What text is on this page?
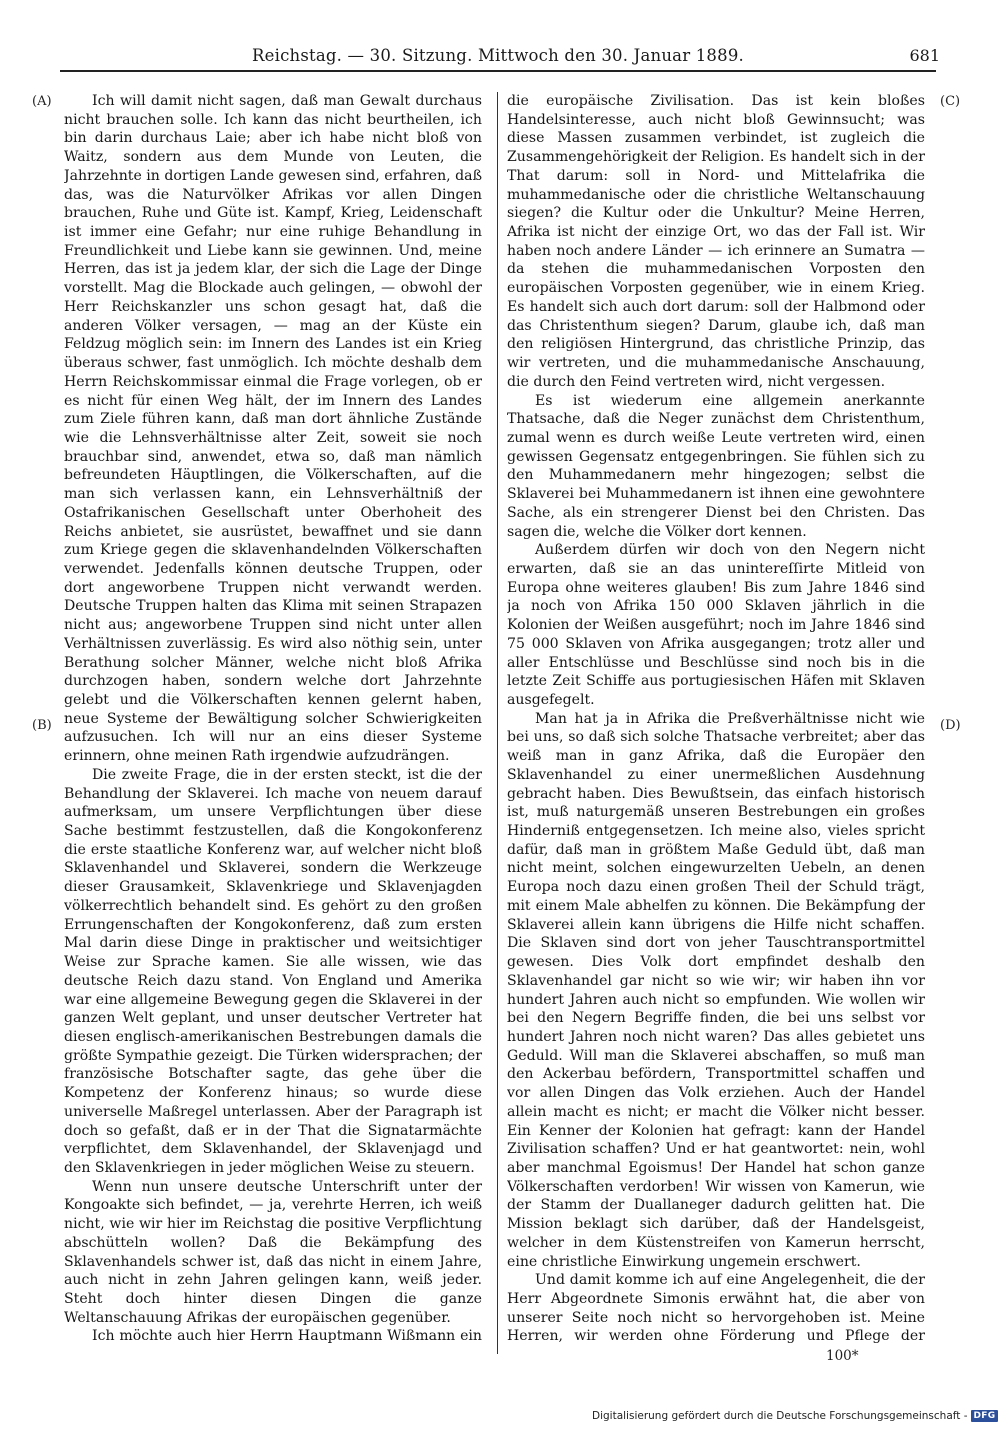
Reichstag. — 30. Sitzung. Mittwoch den 30. Januar 1889.	681
(A)
(B)
(C)
(D)

Ich will damit nicht sagen, daß man Gewalt durchaus nicht brauchen solle. Ich kann das nicht beurtheilen, ich bin darin durchaus Laie; aber ich habe nicht bloß von Waitz, sondern aus dem Munde von Leuten, die Jahrzehnte in dortigen Lande gewesen sind, erfahren, daß das, was die Naturvölker Afrikas vor allen Dingen brauchen, Ruhe und Güte ist. Kampf, Krieg, Leidenschaft ist immer eine Gefahr; nur eine ruhige Behandlung in Freundlichkeit und Liebe kann sie gewinnen. Und, meine Herren, das ist ja jedem klar, der sich die Lage der Dinge vorstellt. Mag die Blockade auch gelingen, — obwohl der Herr Reichskanzler uns schon gesagt hat, daß die anderen Völker versagen, — mag an der Küste ein Feldzug möglich sein: im Innern des Landes ist ein Krieg überaus schwer, fast unmöglich. Ich möchte deshalb dem Herrn Reichskommissar einmal die Frage vorlegen, ob er es nicht für einen Weg hält, der im Innern des Landes zum Ziele führen kann, daß man dort ähnliche Zustände wie die Lehnsverhältnisse alter Zeit, soweit sie noch brauchbar sind, anwendet, etwa so, daß man nämlich befreundeten Häuptlingen, die Völkerschaften, auf die man sich verlassen kann, ein Lehnsverhältniß der Ostafrikanischen Gesellschaft unter Oberhoheit des Reichs anbietet, sie ausrüstet, bewaffnet und sie dann zum Kriege gegen die sklavenhandelnden Völkerschaften verwendet. Jedenfalls können deutsche Truppen, oder dort angeworbene Truppen nicht verwandt werden. Deutsche Truppen halten das Klima mit seinen Strapazen nicht aus; angeworbene Truppen sind nicht unter allen Verhältnissen zuverlässig. Es wird also nöthig sein, unter Berathung solcher Männer, welche nicht bloß Afrika durchzogen haben, sondern welche dort Jahrzehnte gelebt und die Völkerschaften kennen gelernt haben, neue Systeme der Bewältigung solcher Schwierigkeiten aufzusuchen. Ich will nur an eins dieser Systeme erinnern, ohne meinen Rath irgendwie aufzudrängen.

Die zweite Frage, die in der ersten steckt, ist die der Behandlung der Sklaverei. Ich mache von neuem darauf aufmerksam, um unsere Verpflichtungen über diese Sache bestimmt festzustellen, daß die Kongokonferenz die erste staatliche Konferenz war, auf welcher nicht bloß Sklavenhandel und Sklaverei, sondern die Werkzeuge dieser Grausamkeit, Sklavenkriege und Sklavenjagden völkerrechtlich behandelt sind. Es gehört zu den großen Errungenschaften der Kongokonferenz, daß zum ersten Mal darin diese Dinge in praktischer und weitsichtiger Weise zur Sprache kamen. Sie alle wissen, wie das deutsche Reich dazu stand. Von England und Amerika war eine allgemeine Bewegung gegen die Sklaverei in der ganzen Welt geplant, und unser deutscher Vertreter hat diesen englisch-amerikanischen Bestrebungen damals die größte Sympathie gezeigt. Die Türken widersprachen; der französische Botschafter sagte, das gehe über die Kompetenz der Konferenz hinaus; so wurde diese universelle Maßregel unterlassen. Aber der Paragraph ist doch so gefaßt, daß er in der That die Signatarmächte verpflichtet, dem Sklavenhandel, der Sklavenjagd und den Sklavenkriegen in jeder möglichen Weise zu steuern.

Wenn nun unsere deutsche Unterschrift unter der Kongoakte sich befindet, — ja, verehrte Herren, ich weiß nicht, wie wir hier im Reichstag die positive Verpflichtung abschütteln wollen? Daß die Bekämpfung des Sklavenhandels schwer ist, daß das nicht in einem Jahre, auch nicht in zehn Jahren gelingen kann, weiß jeder. Steht doch hinter diesen Dingen die ganze Weltanschauung Afrikas der europäischen gegenüber.

Ich möchte auch hier Herrn Hauptmann Wißmann ein

die europäische Zivilisation. Das ist kein bloßes Handelsinteresse, auch nicht bloß Gewinnsucht; was diese Massen zusammen verbindet, ist zugleich die Zusammengehörigkeit der Religion. Es handelt sich in der That darum: soll in Nord- und Mittelafrika die muhammedanische oder die christliche Weltanschauung siegen? die Kultur oder die Unkultur? Meine Herren, Afrika ist nicht der einzige Ort, wo das der Fall ist. Wir haben noch andere Länder — ich erinnere an Sumatra — da stehen die muhammedanischen Vorposten den europäischen Vorposten gegenüber, wie in einem Krieg. Es handelt sich auch dort darum: soll der Halbmond oder das Christenthum siegen? Darum, glaube ich, daß man den religiösen Hintergrund, das christliche Prinzip, das wir vertreten, und die muhammedanische Anschauung, die durch den Feind vertreten wird, nicht vergessen.

Es ist wiederum eine allgemein anerkannte Thatsache, daß die Neger zunächst dem Christenthum, zumal wenn es durch weiße Leute vertreten wird, einen gewissen Gegensatz entgegenbringen. Sie fühlen sich zu den Muhammedanern mehr hingezogen; selbst die Sklaverei bei Muhammedanern ist ihnen eine gewohntere Sache, als ein strengerer Dienst bei den Christen. Das sagen die, welche die Völker dort kennen.

Außerdem dürfen wir doch von den Negern nicht erwarten, daß sie an das unintereſſirte Mitleid von Europa ohne weiteres glauben! Bis zum Jahre 1846 sind ja noch von Afrika 150 000 Sklaven jährlich in die Kolonien der Weißen ausgeführt; noch im Jahre 1846 sind 75 000 Sklaven von Afrika ausgegangen; trotz aller und aller Entschlüsse und Beschlüsse sind noch bis in die letzte Zeit Schiffe aus portugiesischen Häfen mit Sklaven ausgefegelt.

Man hat ja in Afrika die Preßverhältnisse nicht wie bei uns, so daß sich solche Thatsache verbreitet; aber das weiß man in ganz Afrika, daß die Europäer den Sklavenhandel zu einer unermeßlichen Ausdehnung gebracht haben. Dies Bewußtsein, das einfach historisch ist, muß naturgemäß unseren Bestrebungen ein großes Hinderniß entgegensetzen. Ich meine also, vieles spricht dafür, daß man in größtem Maße Geduld übt, daß man nicht meint, solchen eingewurzelten Uebeln, an denen Europa noch dazu einen großen Theil der Schuld trägt, mit einem Male abhelfen zu können. Die Bekämpfung der Sklaverei allein kann übrigens die Hilfe nicht schaffen. Die Sklaven sind dort von jeher Tauschtransportmittel gewesen. Dies Volk dort empfindet deshalb den Sklavenhandel gar nicht so wie wir; wir haben ihn vor hundert Jahren auch nicht so empfunden. Wie wollen wir bei den Negern Begriffe finden, die bei uns selbst vor hundert Jahren noch nicht waren? Das alles gebietet uns Geduld. Will man die Sklaverei abschaffen, so muß man den Ackerbau befördern, Transportmittel schaffen und vor allen Dingen das Volk erziehen. Auch der Handel allein macht es nicht; er macht die Völker nicht besser. Ein Kenner der Kolonien hat gefragt: kann der Handel Zivilisation schaffen? Und er hat geantwortet: nein, wohl aber manchmal Egoismus! Der Handel hat schon ganze Völkerschaften verdorben! Wir wissen von Kamerun, wie der Stamm der Duallaneger dadurch gelitten hat. Die Mission beklagt sich darüber, daß der Handelsgeist, welcher in dem Küstenstreifen von Kamerun herrscht, eine christliche Einwirkung ungemein erschwert.

Und damit komme ich auf eine Angelegenheit, die der Herr Abgeordnete Simonis erwähnt hat, die aber von unserer Seite noch nicht so hervorgehoben ist. Meine Herren, wir werden ohne Förderung und Pflege der

100*
Digitalisierung gefördert durch die Deutsche Forschungsgemeinschaft - DFG
